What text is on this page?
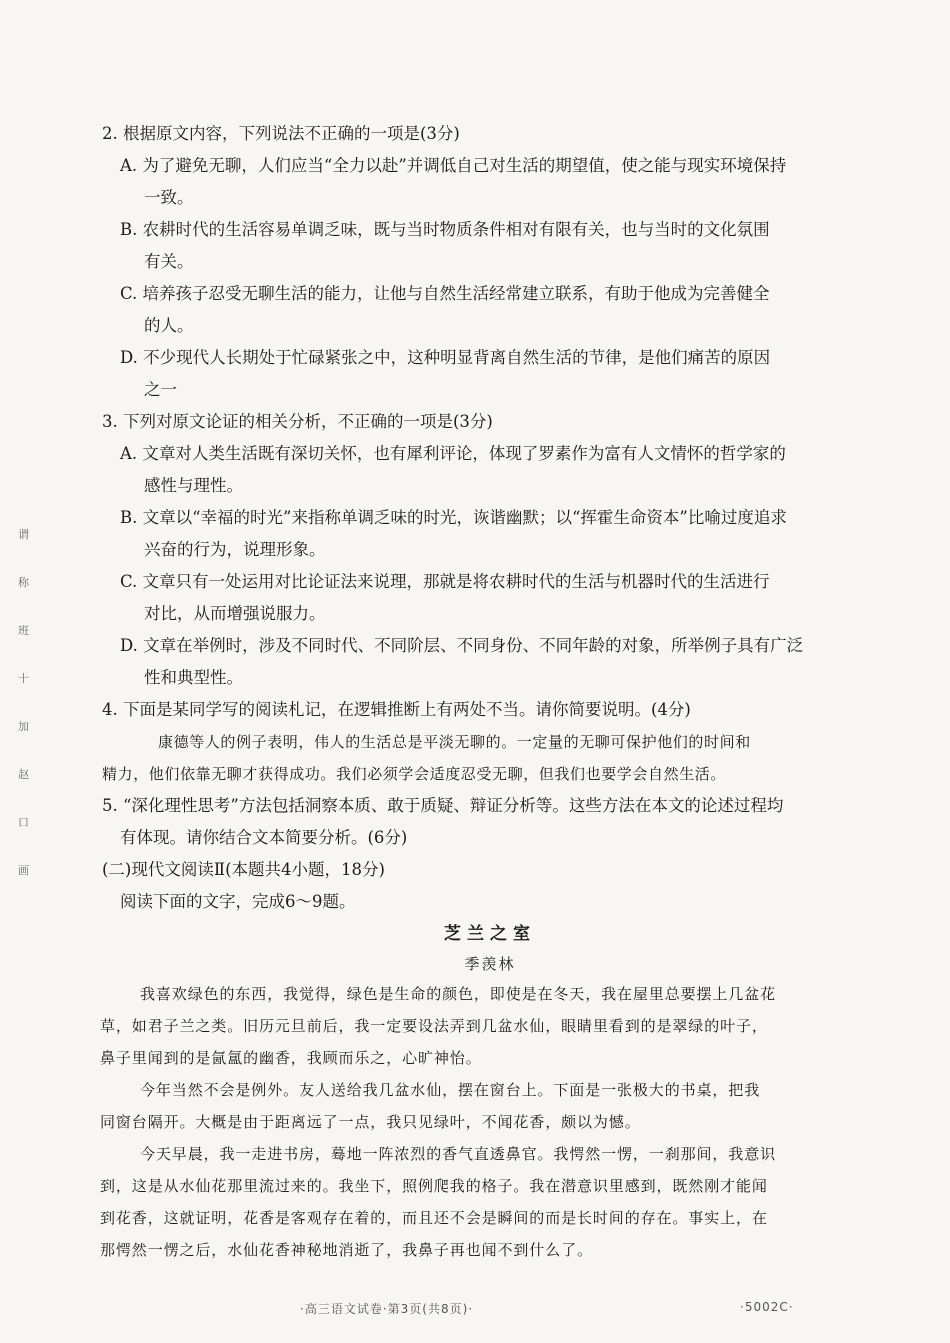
谓
称
班
十
加
赵
口
画
2. 根据原文内容，下列说法不正确的一项是(3分)
A. 为了避免无聊，人们应当“全力以赴”并调低自己对生活的期望值，使之能与现实环境保持
一致。
B. 农耕时代的生活容易单调乏味，既与当时物质条件相对有限有关，也与当时的文化氛围
有关。
C. 培养孩子忍受无聊生活的能力，让他与自然生活经常建立联系，有助于他成为完善健全
的人。
D. 不少现代人长期处于忙碌紧张之中，这种明显背离自然生活的节律，是他们痛苦的原因
之一
3. 下列对原文论证的相关分析，不正确的一项是(3分)
A. 文章对人类生活既有深切关怀，也有犀利评论，体现了罗素作为富有人文情怀的哲学家的
感性与理性。
B. 文章以“幸福的时光”来指称单调乏味的时光，诙谐幽默；以“挥霍生命资本”比喻过度追求
兴奋的行为，说理形象。
C. 文章只有一处运用对比论证法来说理，那就是将农耕时代的生活与机器时代的生活进行
对比，从而增强说服力。
D. 文章在举例时，涉及不同时代、不同阶层、不同身份、不同年龄的对象，所举例子具有广泛
性和典型性。
4. 下面是某同学写的阅读札记，在逻辑推断上有两处不当。请你简要说明。(4分)
康德等人的例子表明，伟人的生活总是平淡无聊的。一定量的无聊可保护他们的时间和
精力，他们依靠无聊才获得成功。我们必须学会适度忍受无聊，但我们也要学会自然生活。
5. “深化理性思考”方法包括洞察本质、敢于质疑、辩证分析等。这些方法在本文的论述过程均
有体现。请你结合文本简要分析。(6分)
(二)现代文阅读Ⅱ(本题共4小题，18分)
阅读下面的文字，完成6～9题。
芝兰之室
季羡林
我喜欢绿色的东西，我觉得，绿色是生命的颜色，即使是在冬天，我在屋里总要摆上几盆花
草，如君子兰之类。旧历元旦前后，我一定要设法弄到几盆水仙，眼睛里看到的是翠绿的叶子，
鼻子里闻到的是氤氲的幽香，我顾而乐之，心旷神怡。
今年当然不会是例外。友人送给我几盆水仙，摆在窗台上。下面是一张极大的书桌，把我
同窗台隔开。大概是由于距离远了一点，我只见绿叶，不闻花香，颇以为憾。
今天早晨，我一走进书房，蓦地一阵浓烈的香气直透鼻官。我愕然一愣，一刹那间，我意识
到，这是从水仙花那里流过来的。我坐下，照例爬我的格子。我在潜意识里感到，既然刚才能闻
到花香，这就证明，花香是客观存在着的，而且还不会是瞬间的而是长时间的存在。事实上，在
那愕然一愣之后，水仙花香神秘地消逝了，我鼻子再也闻不到什么了。
·高三语文试卷·第3页(共8页)·	·5002C·
